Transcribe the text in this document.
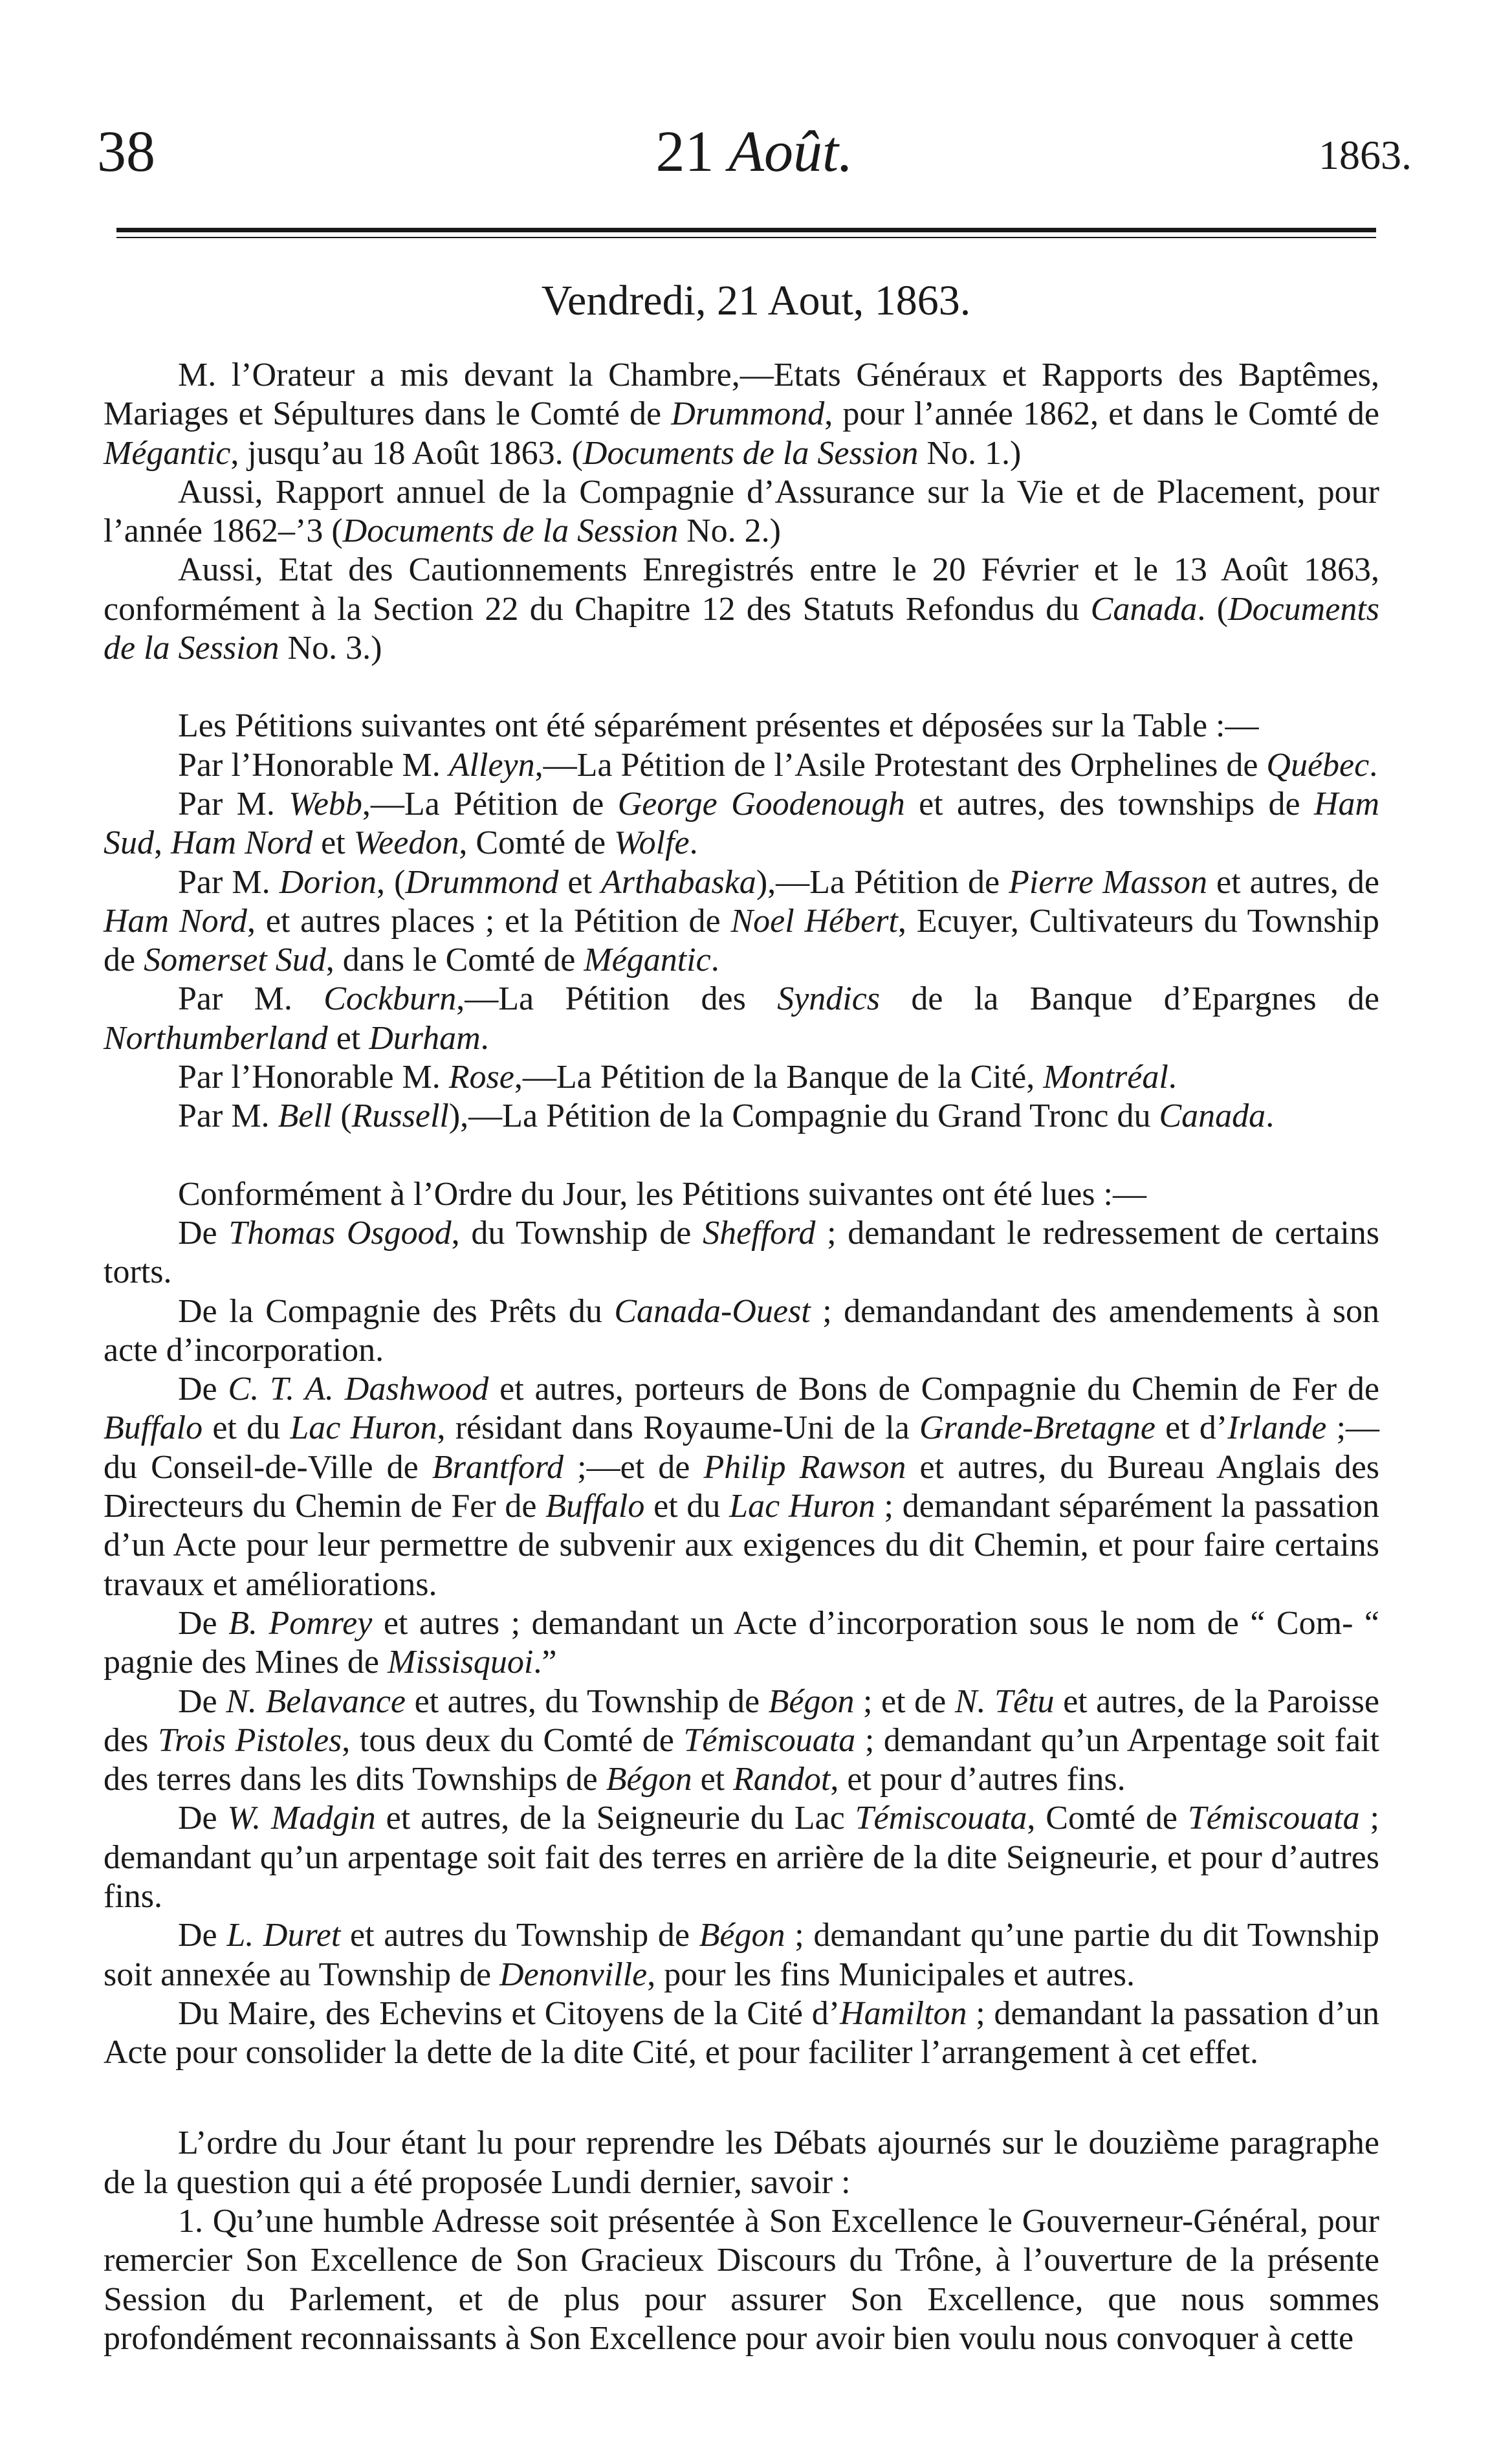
38	21 Août.	1863.
Vendredi, 21 Aout, 1863.

M. l’Orateur a mis devant la Chambre,—Etats Généraux et Rapports des Baptêmes, Mariages et Sépultures dans le Comté de Drummond, pour l’année 1862, et dans le Comté de Mégantic, jusqu’au 18 Août 1863. (Documents de la Session No. 1.)

Aussi, Rapport annuel de la Compagnie d’Assurance sur la Vie et de Placement, pour l’année 1862–’3 (Documents de la Session No. 2.)

Aussi, Etat des Cautionnements Enregistrés entre le 20 Février et le 13 Août 1863, conformément à la Section 22 du Chapitre 12 des Statuts Refondus du Canada. (Documents de la Session No. 3.)

Les Pétitions suivantes ont été séparément présentes et déposées sur la Table :—

Par l’Honorable M. Alleyn,—La Pétition de l’Asile Protestant des Orphelines de Québec.

Par M. Webb,—La Pétition de George Goodenough et autres, des townships de Ham Sud, Ham Nord et Weedon, Comté de Wolfe.

Par M. Dorion, (Drummond et Arthabaska),—La Pétition de Pierre Masson et autres, de Ham Nord, et autres places ; et la Pétition de Noel Hébert, Ecuyer, Cultivateurs du Township de Somerset Sud, dans le Comté de Mégantic.

Par M. Cockburn,—La Pétition des Syndics de la Banque d’Epargnes de Northumberland et Durham.

Par l’Honorable M. Rose,—La Pétition de la Banque de la Cité, Montréal.

Par M. Bell (Russell),—La Pétition de la Compagnie du Grand Tronc du Canada.

Conformément à l’Ordre du Jour, les Pétitions suivantes ont été lues :—

De Thomas Osgood, du Township de Shefford ; demandant le redressement de certains torts.

De la Compagnie des Prêts du Canada-Ouest ; demandandant des amendements à son acte d’incorporation.

De C. T. A. Dashwood et autres, porteurs de Bons de Compagnie du Chemin de Fer de Buffalo et du Lac Huron, résidant dans Royaume-Uni de la Grande-Bretagne et d’Irlande ;—du Conseil-de-Ville de Brantford ;—et de Philip Rawson et autres, du Bureau Anglais des Directeurs du Chemin de Fer de Buffalo et du Lac Huron ; demandant séparément la passation d’un Acte pour leur permettre de subvenir aux exigences du dit Chemin, et pour faire certains travaux et améliorations.

De B. Pomrey et autres ; demandant un Acte d’incorporation sous le nom de “ Com- “ pagnie des Mines de Missisquoi.”

De N. Belavance et autres, du Township de Bégon ; et de N. Têtu et autres, de la Paroisse des Trois Pistoles, tous deux du Comté de Témiscouata ; demandant qu’un Arpentage soit fait des terres dans les dits Townships de Bégon et Randot, et pour d’autres fins.

De W. Madgin et autres, de la Seigneurie du Lac Témiscouata, Comté de Témiscouata ; demandant qu’un arpentage soit fait des terres en arrière de la dite Seigneurie, et pour d’autres fins.

De L. Duret et autres du Township de Bégon ; demandant qu’une partie du dit Township soit annexée au Township de Denonville, pour les fins Municipales et autres.

Du Maire, des Echevins et Citoyens de la Cité d’Hamilton ; demandant la passation d’un Acte pour consolider la dette de la dite Cité, et pour faciliter l’arrangement à cet effet.

L’ordre du Jour étant lu pour reprendre les Débats ajournés sur le douzième paragraphe de la question qui a été proposée Lundi dernier, savoir :

1. Qu’une humble Adresse soit présentée à Son Excellence le Gouverneur-Général, pour remercier Son Excellence de Son Gracieux Discours du Trône, à l’ouverture de la présente Session du Parlement, et de plus pour assurer Son Excellence, que nous sommes profondément reconnaissants à Son Excellence pour avoir bien voulu nous convoquer à cette
